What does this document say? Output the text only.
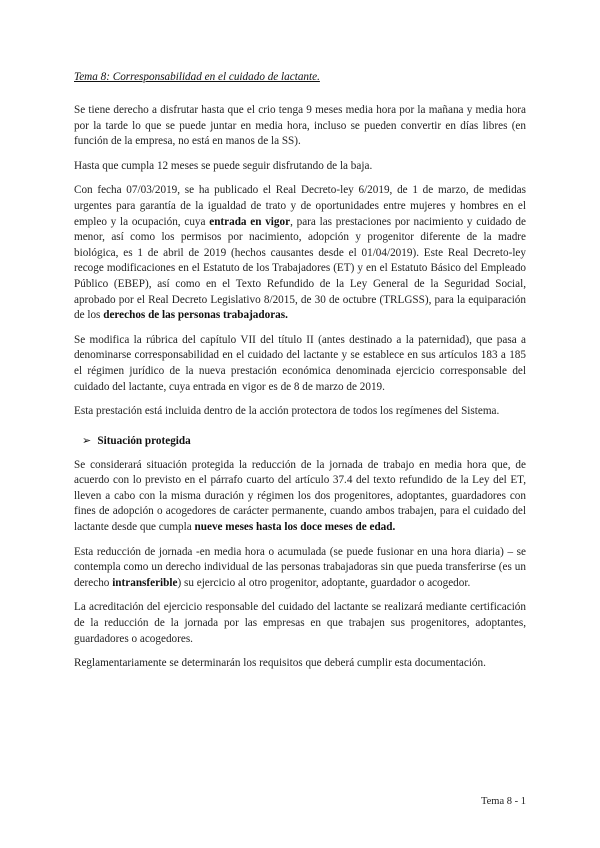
Tema 8: Corresponsabilidad en el cuidado de lactante.

Se tiene derecho a disfrutar hasta que el crio tenga 9 meses media hora por la mañana y media hora por la tarde lo que se puede juntar en media hora, incluso se pueden convertir en días libres (en función de la empresa, no está en manos de la SS).

Hasta que cumpla 12 meses se puede seguir disfrutando de la baja.

Con fecha 07/03/2019, se ha publicado el Real Decreto-ley 6/2019, de 1 de marzo, de medidas urgentes para garantía de la igualdad de trato y de oportunidades entre mujeres y hombres en el empleo y la ocupación, cuya entrada en vigor, para las prestaciones por nacimiento y cuidado de menor, así como los permisos por nacimiento, adopción y progenitor diferente de la madre biológica, es 1 de abril de 2019 (hechos causantes desde el 01/04/2019). Este Real Decreto-ley recoge modificaciones en el Estatuto de los Trabajadores (ET) y en el Estatuto Básico del Empleado Público (EBEP), así como en el Texto Refundido de la Ley General de la Seguridad Social, aprobado por el Real Decreto Legislativo 8/2015, de 30 de octubre (TRLGSS), para la equiparación de los derechos de las personas trabajadoras.

Se modifica la rúbrica del capítulo VII del título II (antes destinado a la paternidad), que pasa a denominarse corresponsabilidad en el cuidado del lactante y se establece en sus artículos 183 a 185 el régimen jurídico de la nueva prestación económica denominada ejercicio corresponsable del cuidado del lactante, cuya entrada en vigor es de 8 de marzo de 2019.

Esta prestación está incluida dentro de la acción protectora de todos los regímenes del Sistema.

➢ Situación protegida

Se considerará situación protegida la reducción de la jornada de trabajo en media hora que, de acuerdo con lo previsto en el párrafo cuarto del artículo 37.4 del texto refundido de la Ley del ET, lleven a cabo con la misma duración y régimen los dos progenitores, adoptantes, guardadores con fines de adopción o acogedores de carácter permanente, cuando ambos trabajen, para el cuidado del lactante desde que cumpla nueve meses hasta los doce meses de edad.

Esta reducción de jornada -en media hora o acumulada (se puede fusionar en una hora diaria) – se contempla como un derecho individual de las personas trabajadoras sin que pueda transferirse (es un derecho intransferible) su ejercicio al otro progenitor, adoptante, guardador o acogedor.

La acreditación del ejercicio responsable del cuidado del lactante se realizará mediante certificación de la reducción de la jornada por las empresas en que trabajen sus progenitores, adoptantes, guardadores o acogedores.

Reglamentariamente se determinarán los requisitos que deberá cumplir esta documentación.

Tema 8 - 1
